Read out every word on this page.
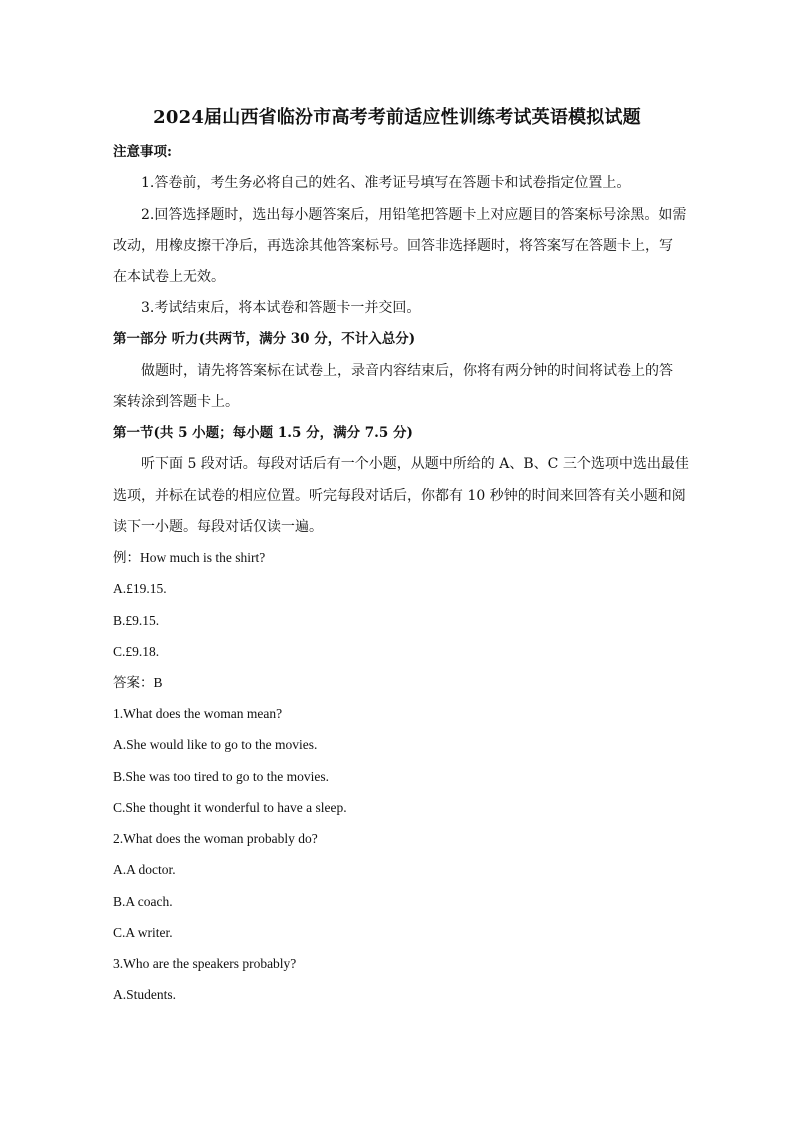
2024届山西省临汾市高考考前适应性训练考试英语模拟试题
注意事项:
1.答卷前，考生务必将自己的姓名、准考证号填写在答题卡和试卷指定位置上。
2.回答选择题时，选出每小题答案后，用铅笔把答题卡上对应题目的答案标号涂黑。如需
改动，用橡皮擦干净后，再选涂其他答案标号。回答非选择题时，将答案写在答题卡上，写
在本试卷上无效。
3.考试结束后，将本试卷和答题卡一并交回。
第一部分 听力(共两节，满分 30 分，不计入总分)
做题时，请先将答案标在试卷上，录音内容结束后，你将有两分钟的时间将试卷上的答
案转涂到答题卡上。
第一节(共 5 小题；每小题 1.5 分，满分 7.5 分)
听下面 5 段对话。每段对话后有一个小题，从题中所给的 A、B、C 三个选项中选出最佳
选项，并标在试卷的相应位置。听完每段对话后，你都有 10 秒钟的时间来回答有关小题和阅
读下一小题。每段对话仅读一遍。
例：How much is the shirt?
A.£19.15.
B.£9.15.
C.£9.18.
答案：B
1.What does the woman mean?
A.She would like to go to the movies.
B.She was too tired to go to the movies.
C.She thought it wonderful to have a sleep.
2.What does the woman probably do?
A.A doctor.
B.A coach.
C.A writer.
3.Who are the speakers probably?
A.Students.
